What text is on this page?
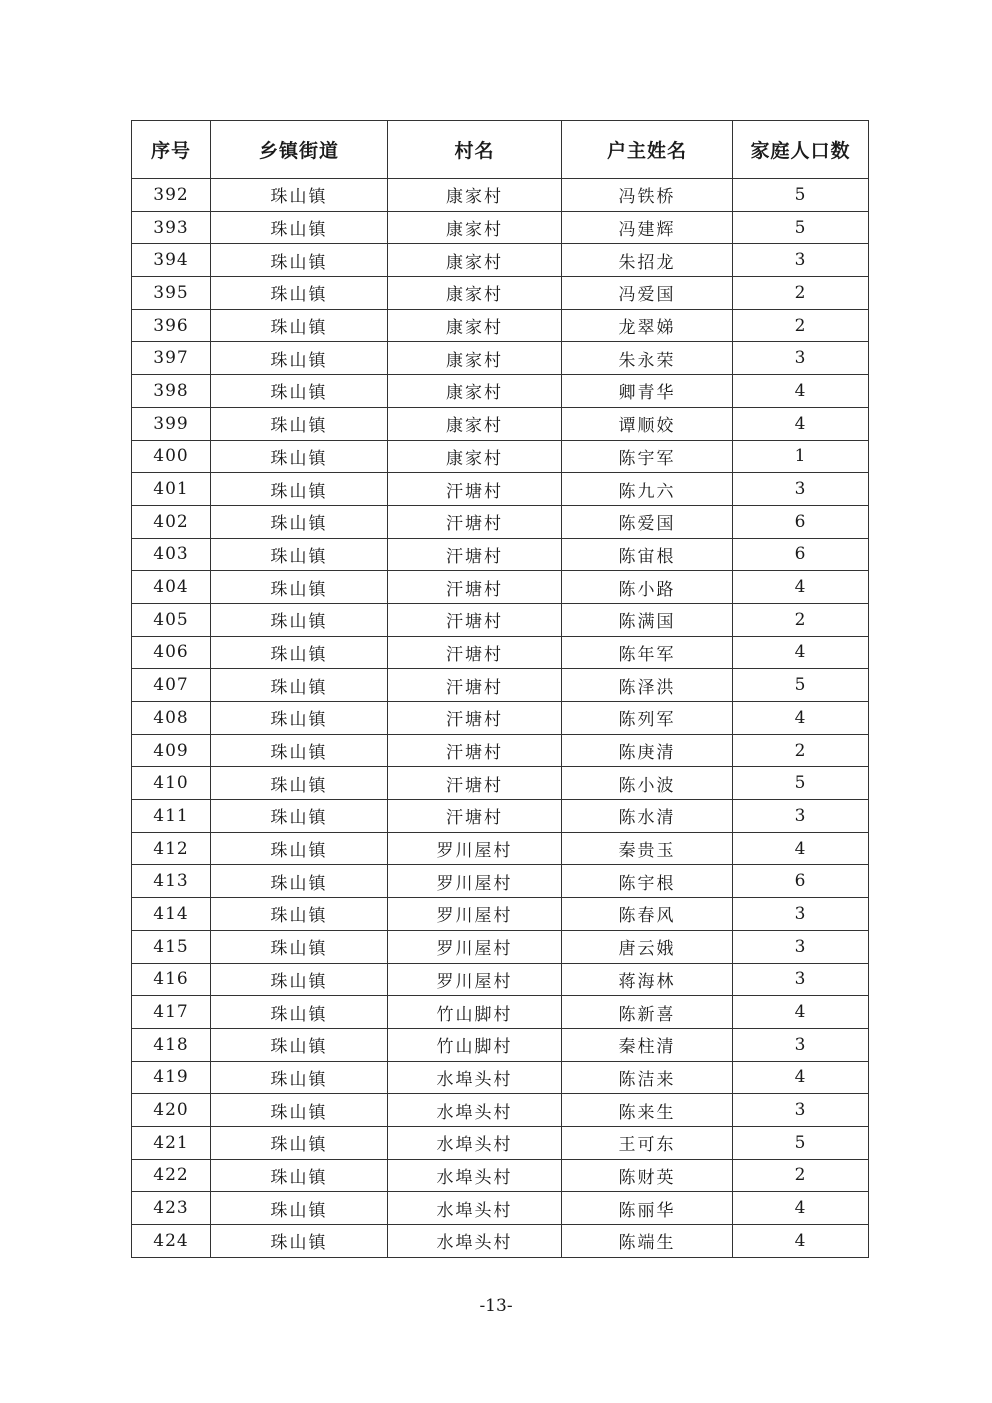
序号	乡镇街道	村名	户主姓名	家庭人口数
392	珠山镇	康家村	冯铁桥	5
393	珠山镇	康家村	冯建辉	5
394	珠山镇	康家村	朱招龙	3
395	珠山镇	康家村	冯爱国	2
396	珠山镇	康家村	龙翠娣	2
397	珠山镇	康家村	朱永荣	3
398	珠山镇	康家村	卿青华	4
399	珠山镇	康家村	谭顺姣	4
400	珠山镇	康家村	陈宇军	1
401	珠山镇	汗塘村	陈九六	3
402	珠山镇	汗塘村	陈爱国	6
403	珠山镇	汗塘村	陈宙根	6
404	珠山镇	汗塘村	陈小路	4
405	珠山镇	汗塘村	陈满国	2
406	珠山镇	汗塘村	陈年军	4
407	珠山镇	汗塘村	陈泽洪	5
408	珠山镇	汗塘村	陈列军	4
409	珠山镇	汗塘村	陈庚清	2
410	珠山镇	汗塘村	陈小波	5
411	珠山镇	汗塘村	陈水清	3
412	珠山镇	罗川屋村	秦贵玉	4
413	珠山镇	罗川屋村	陈宇根	6
414	珠山镇	罗川屋村	陈春风	3
415	珠山镇	罗川屋村	唐云娥	3
416	珠山镇	罗川屋村	蒋海林	3
417	珠山镇	竹山脚村	陈新喜	4
418	珠山镇	竹山脚村	秦柱清	3
419	珠山镇	水埠头村	陈洁来	4
420	珠山镇	水埠头村	陈来生	3
421	珠山镇	水埠头村	王可东	5
422	珠山镇	水埠头村	陈财英	2
423	珠山镇	水埠头村	陈丽华	4
424	珠山镇	水埠头村	陈端生	4
-13-
